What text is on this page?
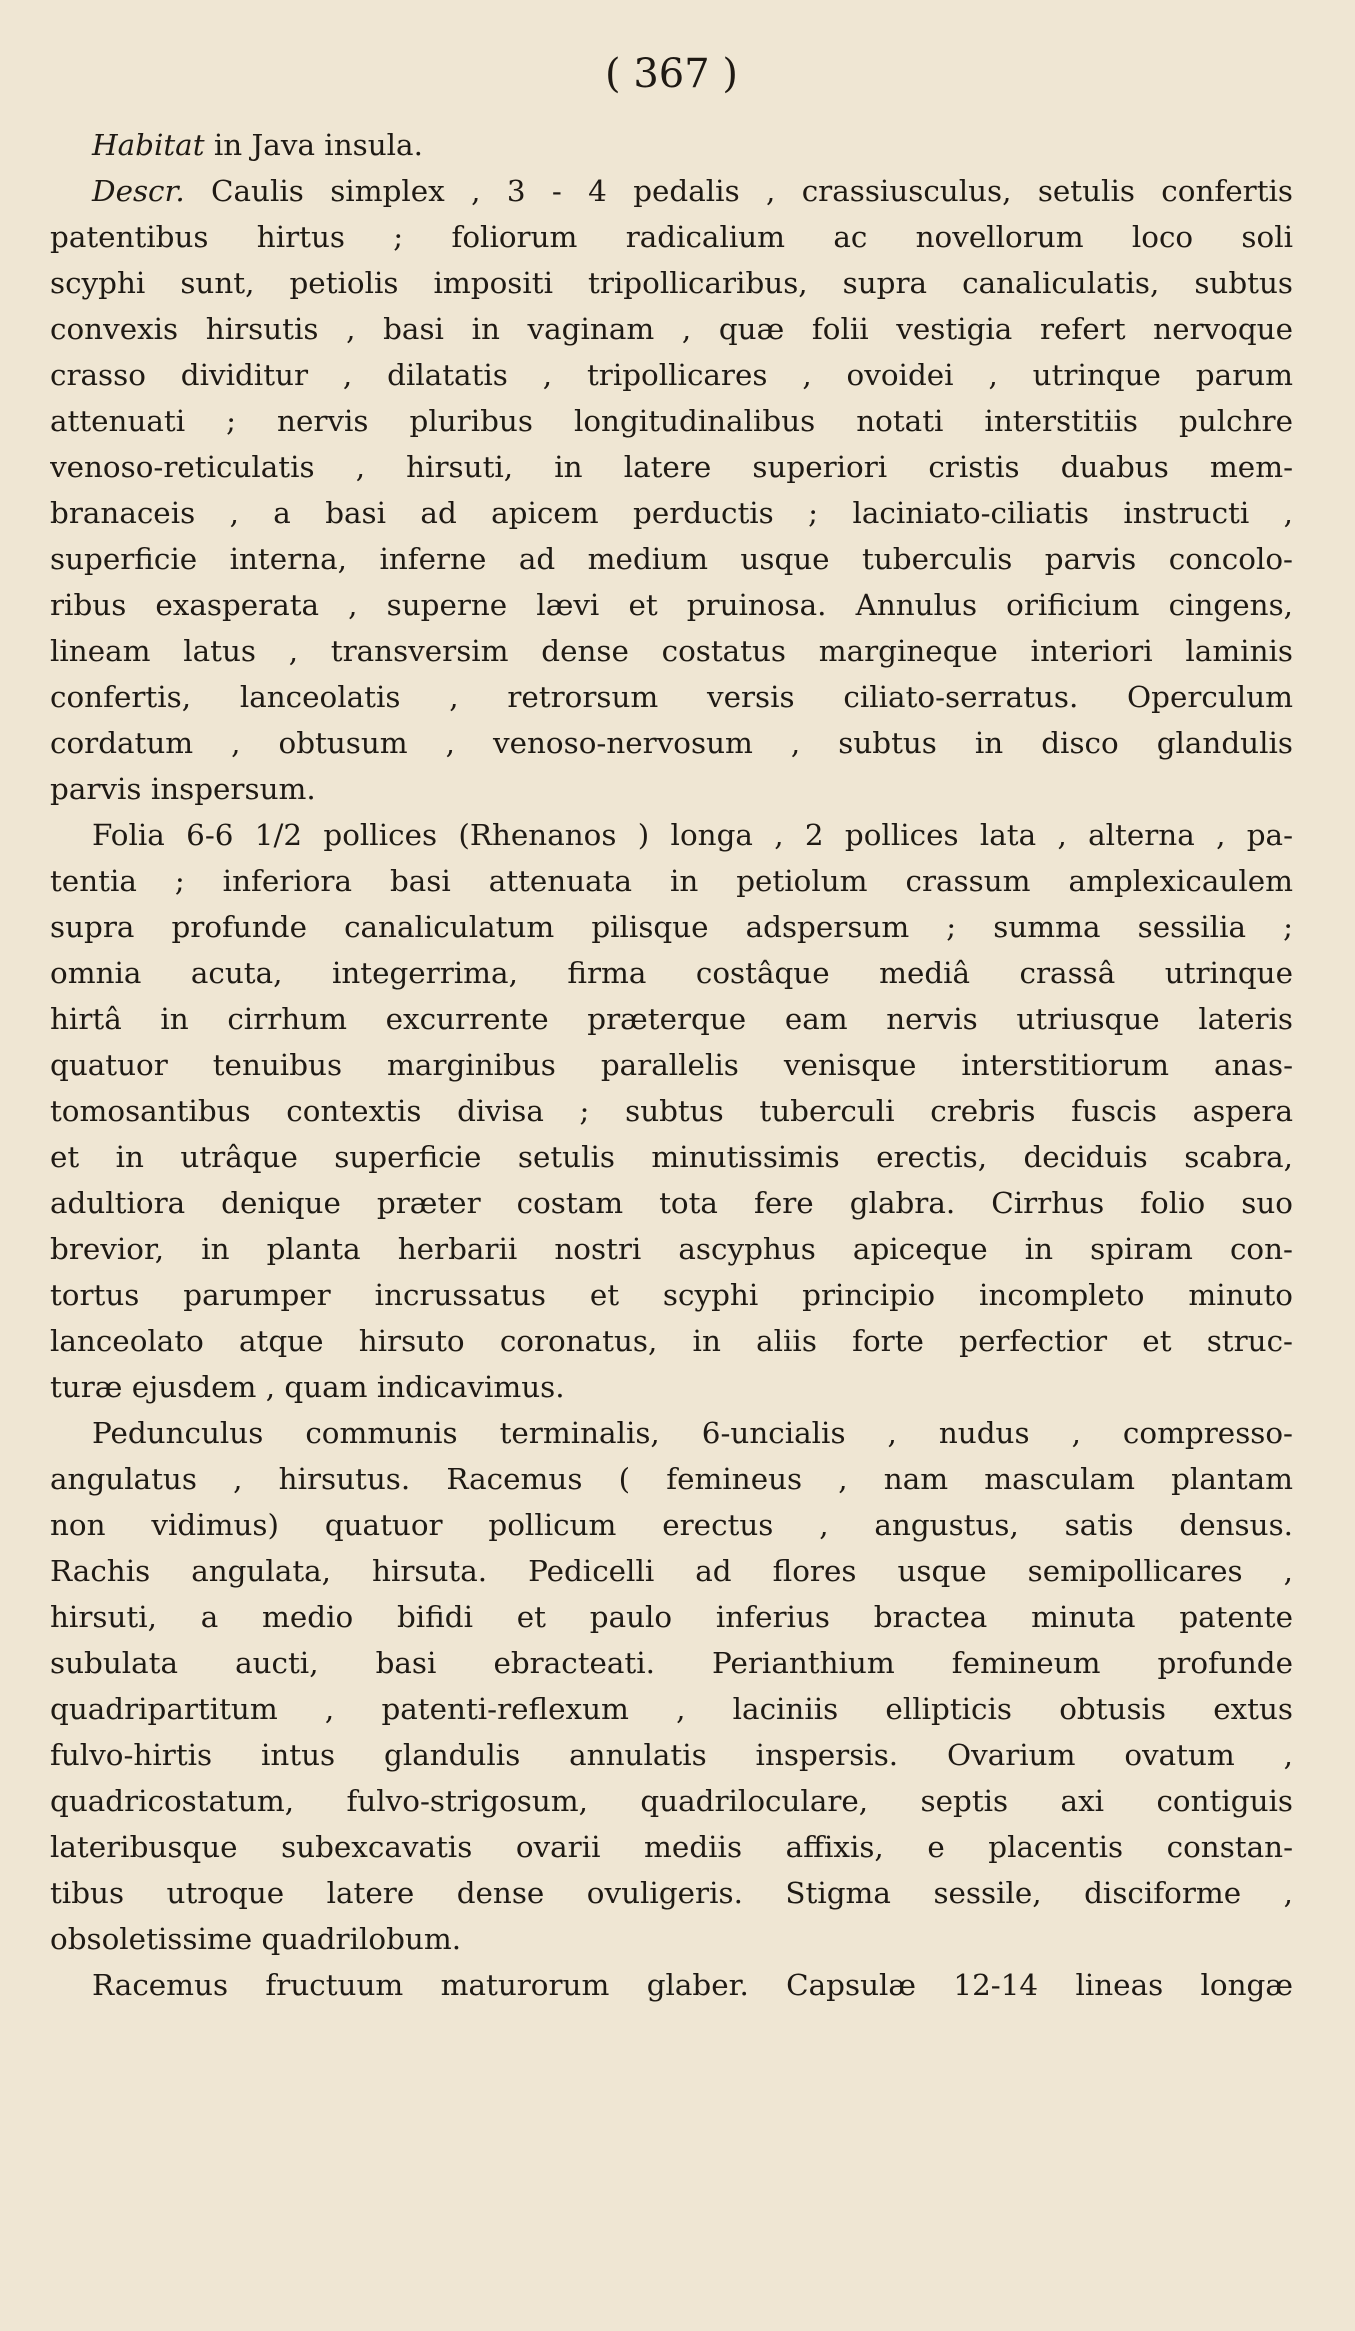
( 367 )
Habitat in Java insula.
Descr. Caulis simplex , 3 - 4 pedalis , crassiusculus, setulis confertis
patentibus hirtus ; foliorum radicalium ac novellorum loco soli
scyphi sunt, petiolis impositi tripollicaribus, supra canaliculatis, subtus
convexis hirsutis , basi in vaginam , quæ folii vestigia refert nervoque
crasso dividitur , dilatatis , tripollicares , ovoidei , utrinque parum
attenuati ; nervis pluribus longitudinalibus notati interstitiis pulchre
venoso-reticulatis , hirsuti, in latere superiori cristis duabus mem-
branaceis , a basi ad apicem perductis ; laciniato-ciliatis instructi ,
superficie interna, inferne ad medium usque tuberculis parvis concolo-
ribus exasperata , superne lævi et pruinosa. Annulus orificium cingens,
lineam latus , transversim dense costatus margineque interiori laminis
confertis, lanceolatis , retrorsum versis ciliato-serratus. Operculum
cordatum , obtusum , venoso-nervosum , subtus in disco glandulis
parvis inspersum.
Folia 6-6 1/2 pollices (Rhenanos ) longa , 2 pollices lata , alterna , pa-
tentia ; inferiora basi attenuata in petiolum crassum amplexicaulem
supra profunde canaliculatum pilisque adspersum ; summa sessilia ;
omnia acuta, integerrima, firma costâque mediâ crassâ utrinque
hirtâ in cirrhum excurrente præterque eam nervis utriusque lateris
quatuor tenuibus marginibus parallelis venisque interstitiorum anas-
tomosantibus contextis divisa ; subtus tuberculi crebris fuscis aspera
et in utrâque superficie setulis minutissimis erectis, deciduis scabra,
adultiora denique præter costam tota fere glabra. Cirrhus folio suo
brevior, in planta herbarii nostri ascyphus apiceque in spiram con-
tortus parumper incrussatus et scyphi principio incompleto minuto
lanceolato atque hirsuto coronatus, in aliis forte perfectior et struc-
turæ ejusdem , quam indicavimus.
Pedunculus communis terminalis, 6-uncialis , nudus , compresso-
angulatus , hirsutus. Racemus ( femineus , nam masculam plantam
non vidimus) quatuor pollicum erectus , angustus, satis densus.
Rachis angulata, hirsuta. Pedicelli ad flores usque semipollicares ,
hirsuti, a medio bifidi et paulo inferius bractea minuta patente
subulata aucti, basi ebracteati. Perianthium femineum profunde
quadripartitum , patenti-reflexum , laciniis ellipticis obtusis extus
fulvo-hirtis intus glandulis annulatis inspersis. Ovarium ovatum ,
quadricostatum, fulvo-strigosum, quadriloculare, septis axi contiguis
lateribusque subexcavatis ovarii mediis affixis, e placentis constan-
tibus utroque latere dense ovuligeris. Stigma sessile, disciforme ,
obsoletissime quadrilobum.
Racemus fructuum maturorum glaber. Capsulæ 12-14 lineas longæ
